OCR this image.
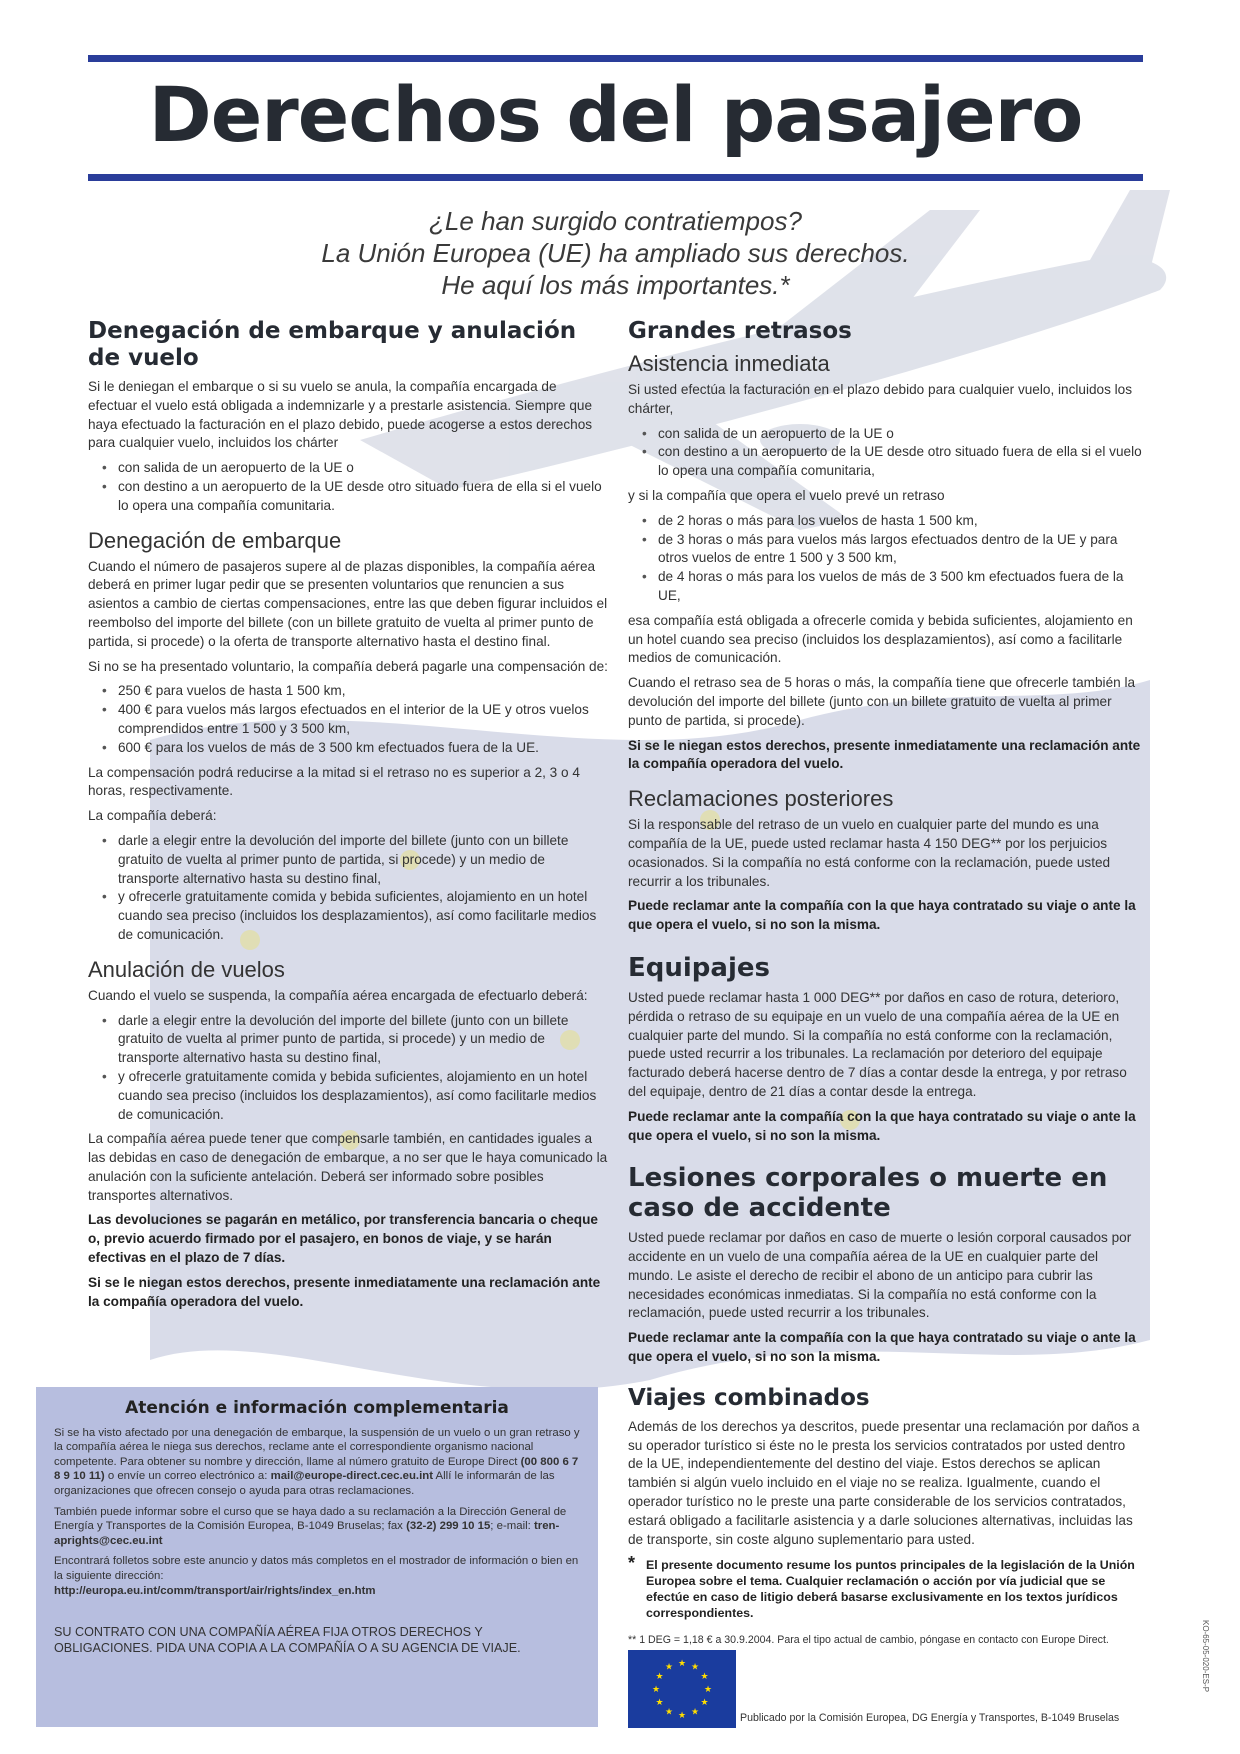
Derechos del pasajero
¿Le han surgido contratiempos?
La Unión Europea (UE) ha ampliado sus derechos.
He aquí los más importantes.*
Denegación de embarque y anulación de vuelo

Si le deniegan el embarque o si su vuelo se anula, la compañía encargada de efectuar el vuelo está obligada a indemnizarle y a prestarle asistencia. Siempre que haya efectuado la facturación en el plazo debido, puede acogerse a estos derechos para cualquier vuelo, incluidos los chárter

• con salida de un aeropuerto de la UE o
• con destino a un aeropuerto de la UE desde otro situado fuera de ella si el vuelo lo opera una compañía comunitaria.
Denegación de embarque

Cuando el número de pasajeros supere al de plazas disponibles, la compañía aérea deberá en primer lugar pedir que se presenten voluntarios que renuncien a sus asientos a cambio de ciertas compensaciones, entre las que deben figurar incluidos el reembolso del importe del billete (con un billete gratuito de vuelta al primer punto de partida, si procede) o la oferta de transporte alternativo hasta el destino final.

Si no se ha presentado voluntario, la compañía deberá pagarle una compensación de:

• 250 € para vuelos de hasta 1 500 km,
• 400 € para vuelos más largos efectuados en el interior de la UE y otros vuelos comprendidos entre 1 500 y 3 500 km,
• 600 € para los vuelos de más de 3 500 km efectuados fuera de la UE.

La compensación podrá reducirse a la mitad si el retraso no es superior a 2, 3 o 4 horas, respectivamente.

La compañía deberá:

• darle a elegir entre la devolución del importe del billete (junto con un billete gratuito de vuelta al primer punto de partida, si procede) y un medio de transporte alternativo hasta su destino final,
• y ofrecerle gratuitamente comida y bebida suficientes, alojamiento en un hotel cuando sea preciso (incluidos los desplazamientos), así como facilitarle medios de comunicación.
Anulación de vuelos

Cuando el vuelo se suspenda, la compañía aérea encargada de efectuarlo deberá:

• darle a elegir entre la devolución del importe del billete (junto con un billete gratuito de vuelta al primer punto de partida, si procede) y un medio de transporte alternativo hasta su destino final,
• y ofrecerle gratuitamente comida y bebida suficientes, alojamiento en un hotel cuando sea preciso (incluidos los desplazamientos), así como facilitarle medios de comunicación.

La compañía aérea puede tener que compensarle también, en cantidades iguales a las debidas en caso de denegación de embarque, a no ser que le haya comunicado la anulación con la suficiente antelación. Deberá ser informado sobre posibles transportes alternativos.

Las devoluciones se pagarán en metálico, por transferencia bancaria o cheque o, previo acuerdo firmado por el pasajero, en bonos de viaje, y se harán efectivas en el plazo de 7 días.

Si se le niegan estos derechos, presente inmediatamente una reclamación ante la compañía operadora del vuelo.

Atención e información complementaria

Si se ha visto afectado por una denegación de embarque, la suspensión de un vuelo o un gran retraso y la compañía aérea le niega sus derechos, reclame ante el correspondiente organismo nacional competente. Para obtener su nombre y dirección, llame al número gratuito de Europe Direct (00 800 6 7 8 9 10 11) o envíe un correo electrónico a: mail@europe-direct.cec.eu.int Allí le informarán de las organizaciones que ofrecen consejo o ayuda para otras reclamaciones.

También puede informar sobre el curso que se haya dado a su reclamación a la Dirección General de Energía y Transportes de la Comisión Europea, B-1049 Bruselas; fax (32-2) 299 10 15; e-mail: tren-aprights@cec.eu.int

Encontrará folletos sobre este anuncio y datos más completos en el mostrador de información o bien en la siguiente dirección:
http://europa.eu.int/comm/transport/air/rights/index_en.htm

SU CONTRATO CON UNA COMPAÑÍA AÉREA FIJA OTROS DERECHOS Y OBLIGACIONES. PIDA UNA COPIA A LA COMPAÑÍA O A SU AGENCIA DE VIAJE.

Grandes retrasos
Asistencia inmediata

Si usted efectúa la facturación en el plazo debido para cualquier vuelo, incluidos los chárter,

• con salida de un aeropuerto de la UE o
• con destino a un aeropuerto de la UE desde otro situado fuera de ella si el vuelo lo opera una compañía comunitaria,

y si la compañía que opera el vuelo prevé un retraso

• de 2 horas o más para los vuelos de hasta 1 500 km,
• de 3 horas o más para vuelos más largos efectuados dentro de la UE y para otros vuelos de entre 1 500 y 3 500 km,
• de 4 horas o más para los vuelos de más de 3 500 km efectuados fuera de la UE,

esa compañía está obligada a ofrecerle comida y bebida suficientes, alojamiento en un hotel cuando sea preciso (incluidos los desplazamientos), así como a facilitarle medios de comunicación.

Cuando el retraso sea de 5 horas o más, la compañía tiene que ofrecerle también la devolución del importe del billete (junto con un billete gratuito de vuelta al primer punto de partida, si procede).

Si se le niegan estos derechos, presente inmediatamente una reclamación ante la compañía operadora del vuelo.

Reclamaciones posteriores

Si la responsable del retraso de un vuelo en cualquier parte del mundo es una compañía de la UE, puede usted reclamar hasta 4 150 DEG** por los perjuicios ocasionados. Si la compañía no está conforme con la reclamación, puede usted recurrir a los tribunales.

Puede reclamar ante la compañía con la que haya contratado su viaje o ante la que opera el vuelo, si no son la misma.

Equipajes

Usted puede reclamar hasta 1 000 DEG** por daños en caso de rotura, deterioro, pérdida o retraso de su equipaje en un vuelo de una compañía aérea de la UE en cualquier parte del mundo. Si la compañía no está conforme con la reclamación, puede usted recurrir a los tribunales. La reclamación por deterioro del equipaje facturado deberá hacerse dentro de 7 días a contar desde la entrega, y por retraso del equipaje, dentro de 21 días a contar desde la entrega.

Puede reclamar ante la compañía con la que haya contratado su viaje o ante la que opera el vuelo, si no son la misma.

Lesiones corporales o muerte en caso de accidente

Usted puede reclamar por daños en caso de muerte o lesión corporal causados por accidente en un vuelo de una compañía aérea de la UE en cualquier parte del mundo. Le asiste el derecho de recibir el abono de un anticipo para cubrir las necesidades económicas inmediatas. Si la compañía no está conforme con la reclamación, puede usted recurrir a los tribunales.

Puede reclamar ante la compañía con la que haya contratado su viaje o ante la que opera el vuelo, si no son la misma.

Viajes combinados

Además de los derechos ya descritos, puede presentar una reclamación por daños a su operador turístico si éste no le presta los servicios contratados por usted dentro de la UE, independientemente del destino del viaje. Estos derechos se aplican también si algún vuelo incluido en el viaje no se realiza. Igualmente, cuando el operador turístico no le preste una parte considerable de los servicios contratados, estará obligado a facilitarle asistencia y a darle soluciones alternativas, incluidas las de transporte, sin coste alguno suplementario para usted.

* El presente documento resume los puntos principales de la legislación de la Unión Europea sobre el tema. Cualquier reclamación o acción por vía judicial que se efectúe en caso de litigio deberá basarse exclusivamente en los textos jurídicos correspondientes.
** 1 DEG = 1,18 € a 30.9.2004. Para el tipo actual de cambio, póngase en contacto con Europe Direct.
★ ★
★
★
★
★
★
★
★
★
★
★
Publicado por la Comisión Europea, DG Energía y Transportes, B-1049 Bruselas
KO-65-05-020-ES-P
